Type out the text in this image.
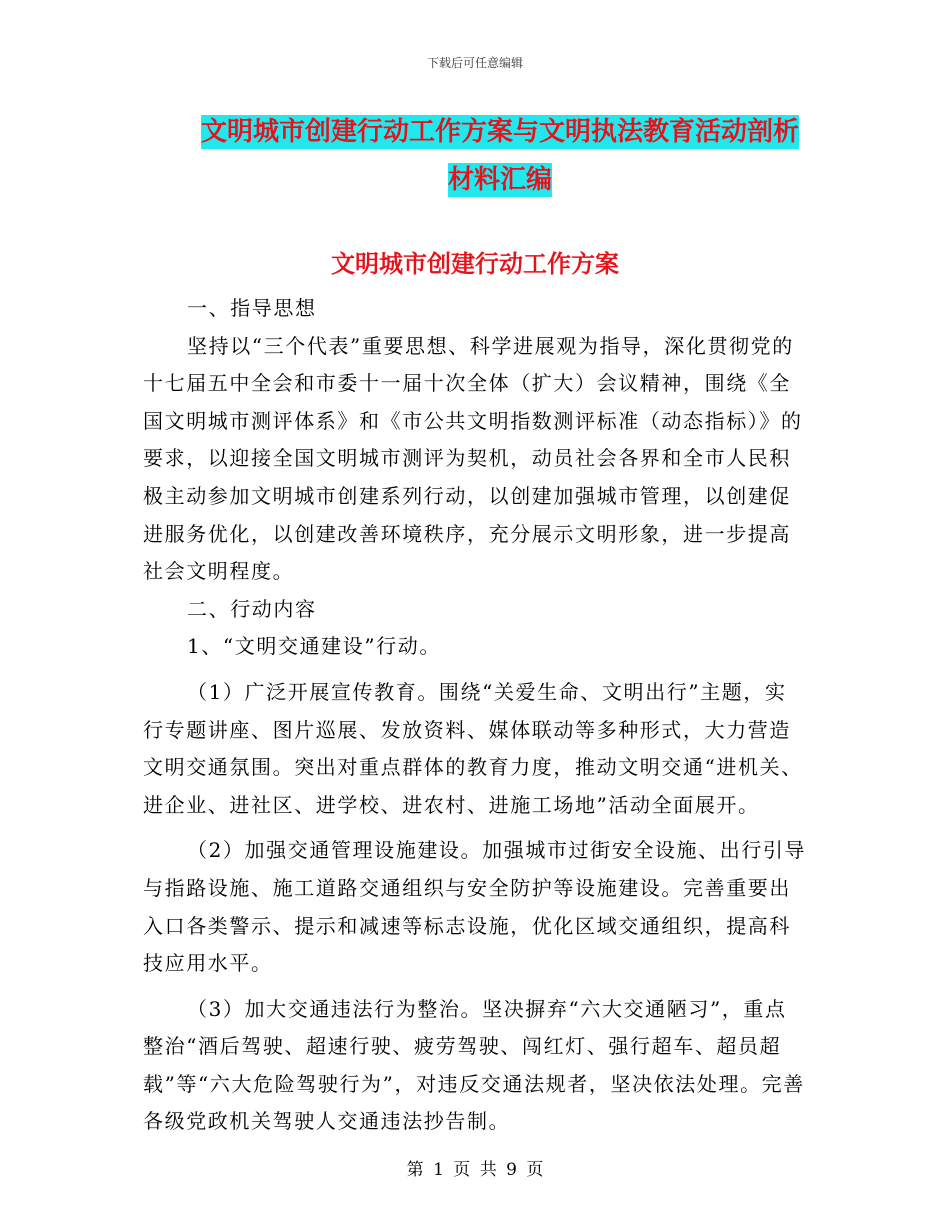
下载后可任意编辑
文明城市创建行动工作方案与文明执法教育活动剖析
材料汇编
文明城市创建行动工作方案

一、指导思想

坚持以“三个代表”重要思想、科学进展观为指导，深化贯彻党的十七届五中全会和市委十一届十次全体（扩大）会议精神，围绕《全国文明城市测评体系》和《市公共文明指数测评标准（动态指标）》的要求，以迎接全国文明城市测评为契机，动员社会各界和全市人民积极主动参加文明城市创建系列行动，以创建加强城市管理，以创建促进服务优化，以创建改善环境秩序，充分展示文明形象，进一步提高社会文明程度。

二、行动内容

1、“文明交通建设”行动。

（1）广泛开展宣传教育。围绕“关爱生命、文明出行”主题，实行专题讲座、图片巡展、发放资料、媒体联动等多种形式，大力营造文明交通氛围。突出对重点群体的教育力度，推动文明交通“进机关、进企业、进社区、进学校、进农村、进施工场地”活动全面展开。

（2）加强交通管理设施建设。加强城市过街安全设施、出行引导与指路设施、施工道路交通组织与安全防护等设施建设。完善重要出入口各类警示、提示和减速等标志设施，优化区域交通组织，提高科技应用水平。

（3）加大交通违法行为整治。坚决摒弃“六大交通陋习”，重点整治“酒后驾驶、超速行驶、疲劳驾驶、闯红灯、强行超车、超员超载”等“六大危险驾驶行为”，对违反交通法规者，坚决依法处理。完善各级党政机关驾驶人交通违法抄告制。

第 1 页 共 9 页
